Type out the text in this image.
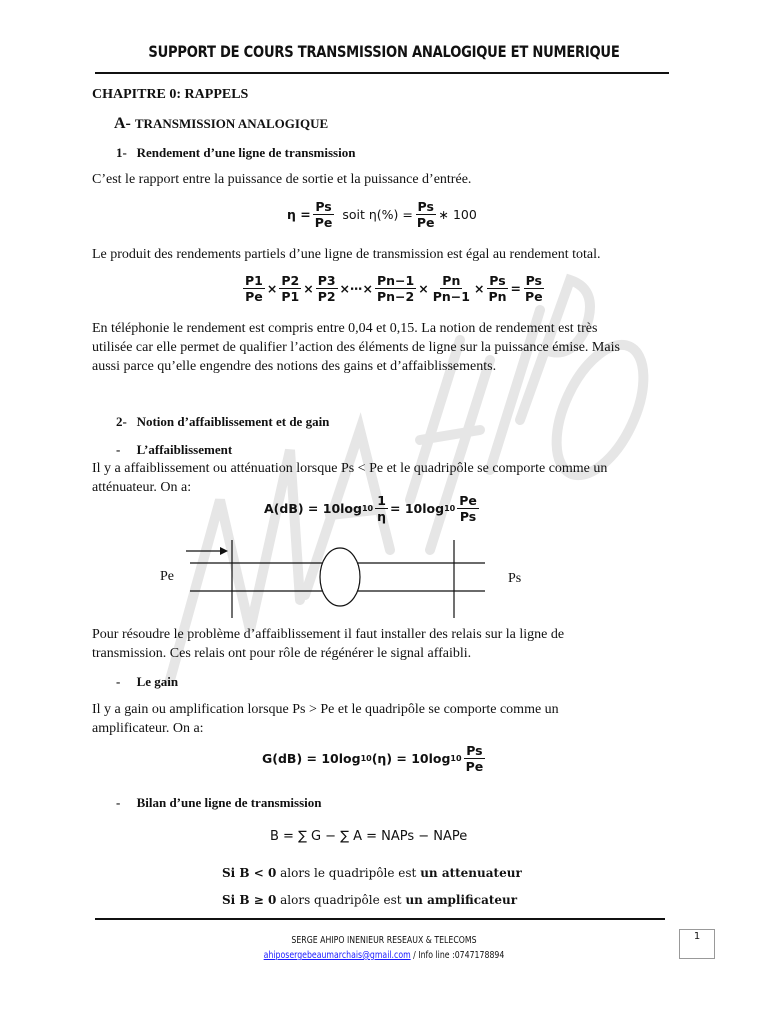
SUPPORT DE COURS TRANSMISSION ANALOGIQUE ET NUMERIQUE
CHAPITRE 0: RAPPELS
A- TRANSMISSION ANALOGIQUE
1-   Rendement d’une ligne de transmission
C’est le rapport entre la puissance de sortie et la puissance d’entrée.
$\eta = \frac{Ps}{Pe}$ soit $\eta(\%) = \frac{Ps}{Pe}$ ∗ 100
Le produit des rendements partiels d’une ligne de transmission est égal au rendement total.
$\frac{P1}{Pe} \times \frac{P2}{P1} \times \frac{P3}{P2}$ ×⋯× $\frac{Pn-1}{Pn-2} \times \frac{Pn}{Pn-1} \times \frac{Ps}{Pn} = \frac{Ps}{Pe}$
En téléphonie le rendement est compris entre 0,04 et 0,15. La notion de rendement est très
utilisée car elle permet de qualifier l’action des éléments de ligne sur la puissance émise. Mais
aussi parce qu’elle engendre des notions des gains et d’affaiblissements.
2-   Notion d’affaiblissement et de gain
-     L’affaiblissement
Il y a affaiblissement ou atténuation lorsque Ps < Pe et le quadripôle se comporte comme un
atténuateur. On a:
A(dB) = 10log $10 \frac{1}{\eta} = 10\log$ $10 \frac{Pe}{Ps}$
Pe	Ps
Pour résoudre le problème d’affaiblissement il faut installer des relais sur la ligne de
transmission. Ces relais ont pour rôle de régénérer le signal affaibli.
-     Le gain
Il y a gain ou amplification lorsque Ps > Pe et le quadripôle se comporte comme un
amplificateur. On a:
G(dB) = 10log 10 (η) = 10log $10 \frac{Ps}{Pe}$
-     Bilan d’une ligne de transmission
B = ∑ G − ∑ A = NAPs − NAPe
Si B < 0 alors le quadripôle est un attenuateur
Si B ≥ 0 alors quadripôle est un amplificateur
SERGE AHIPO INENIEUR RESEAUX & TELECOMS
ahiposergebeaumarchais@gmail.com / Info line :0747178894
1
